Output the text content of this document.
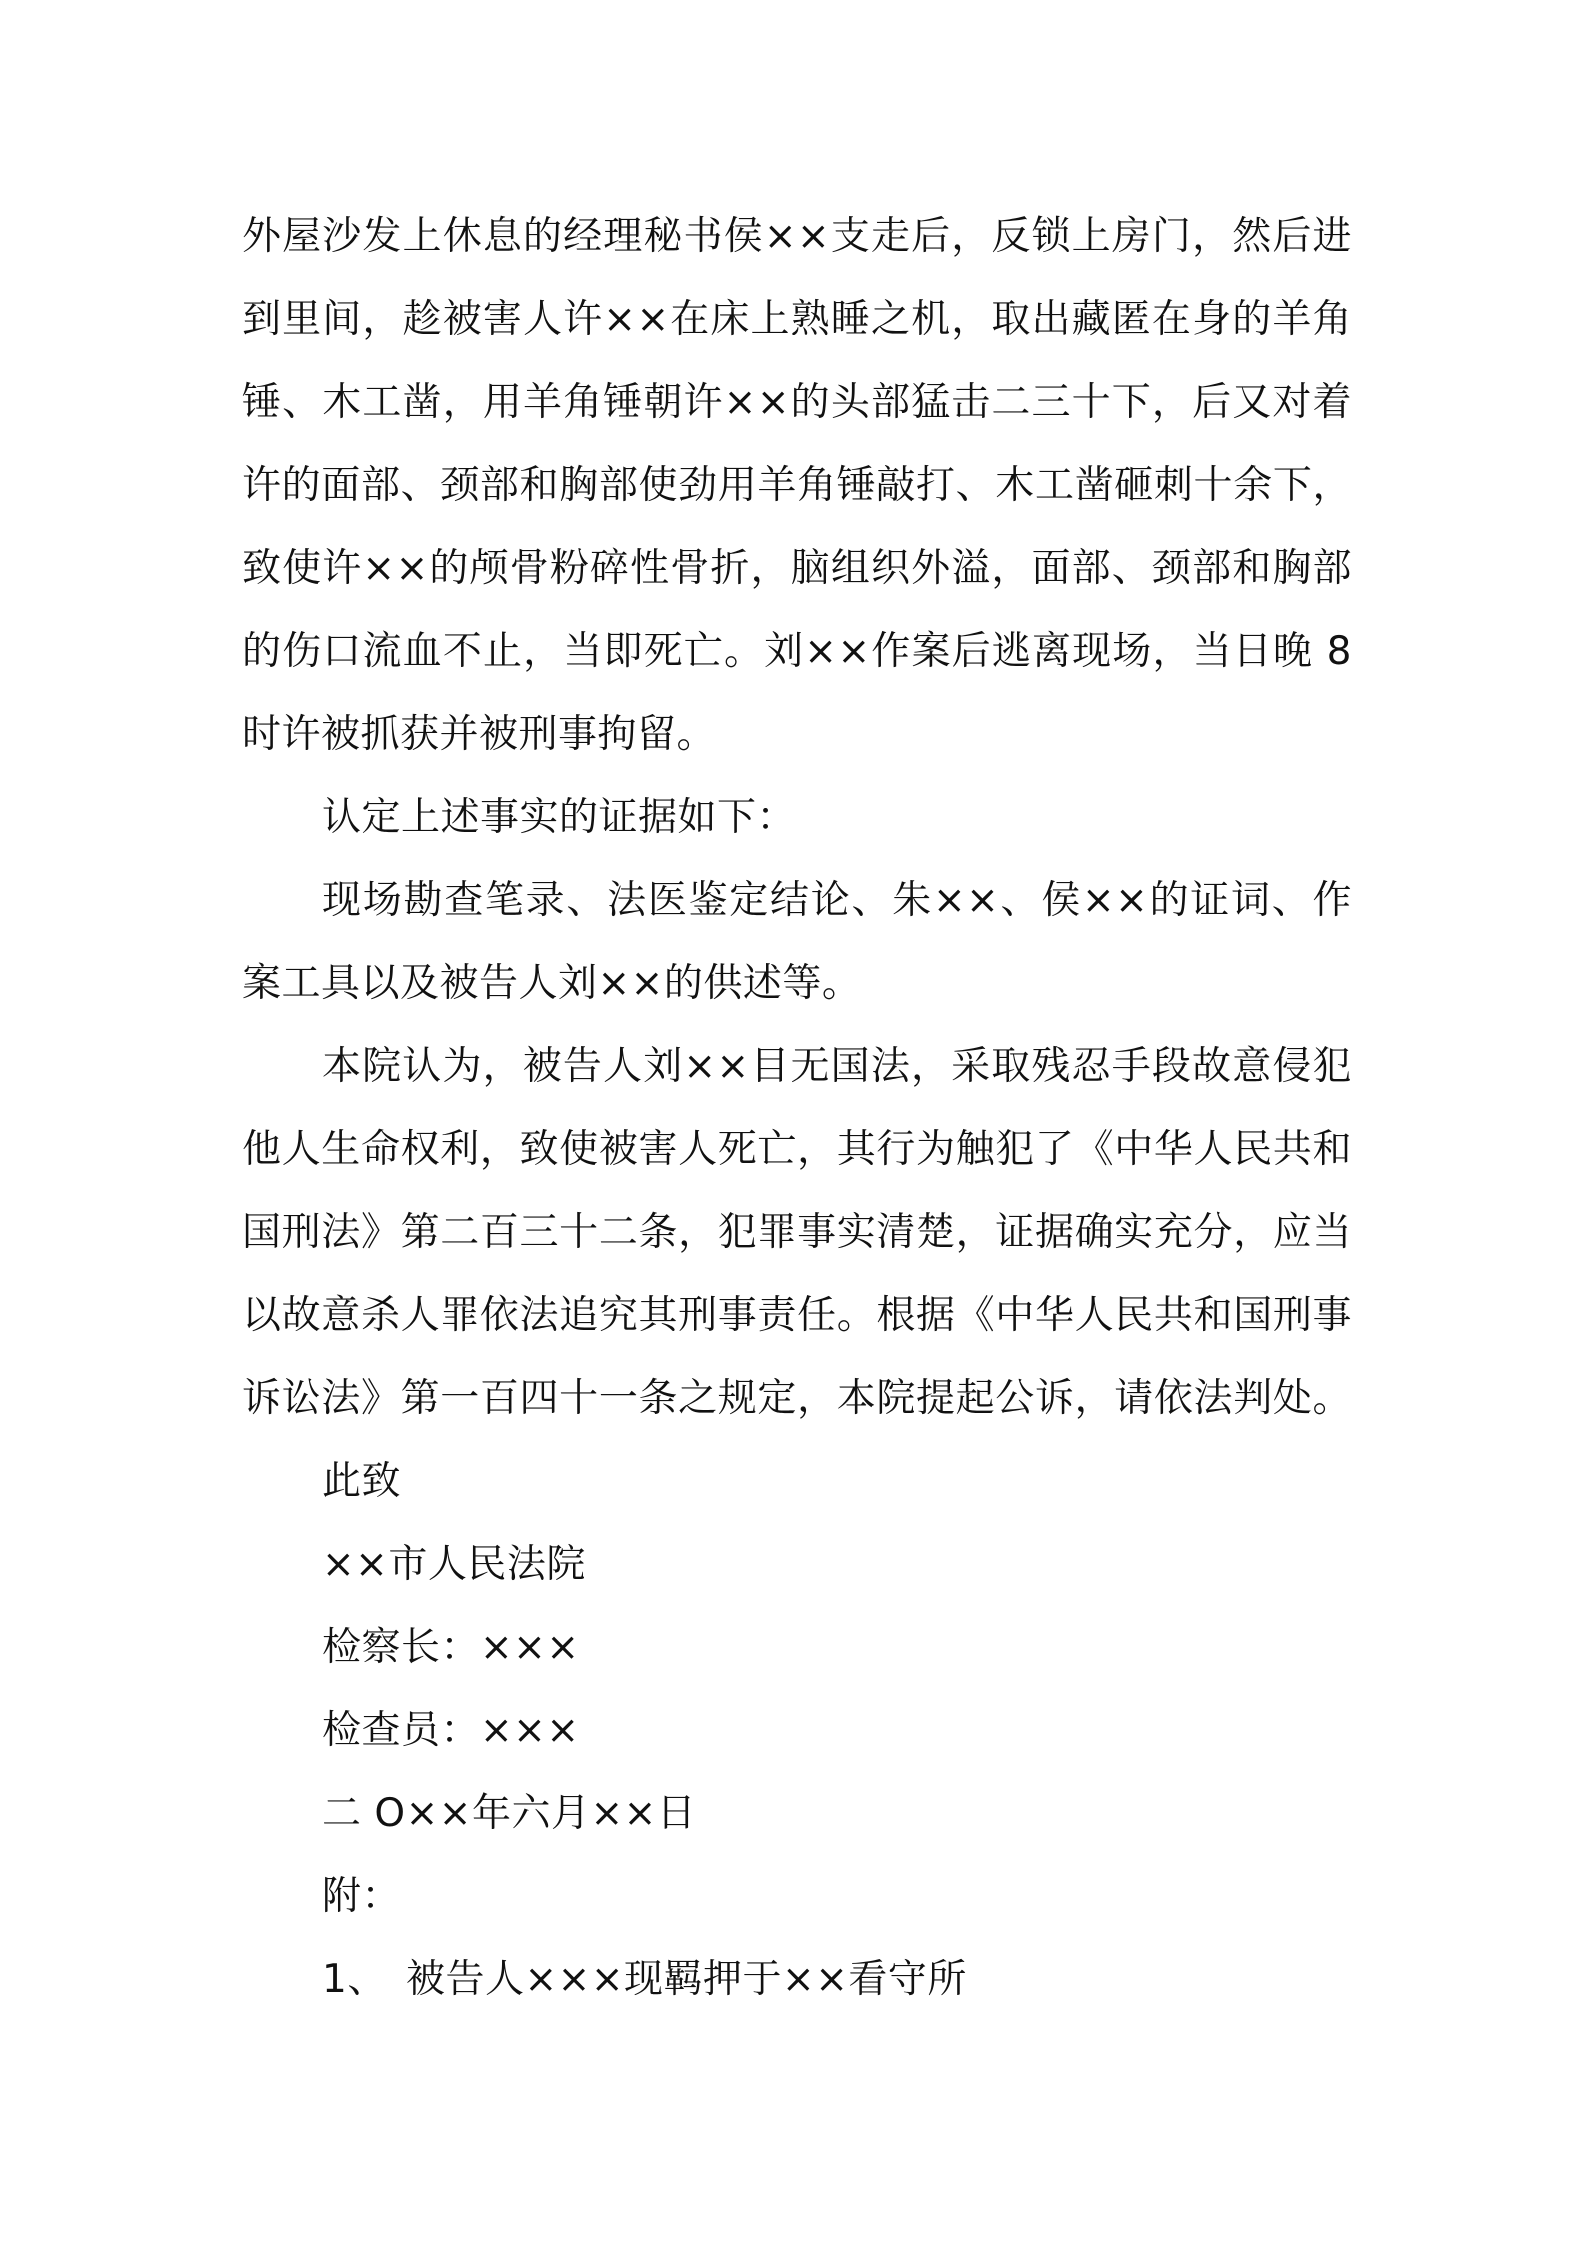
外屋沙发上休息的经理秘书侯××支走后，反锁上房门，然后进
到里间，趁被害人许××在床上熟睡之机，取出藏匿在身的羊角
锤、木工凿，用羊角锤朝许××的头部猛击二三十下，后又对着
许的面部、颈部和胸部使劲用羊角锤敲打、木工凿砸刺十余下，
致使许××的颅骨粉碎性骨折，脑组织外溢，面部、颈部和胸部
的伤口流血不止，当即死亡。刘××作案后逃离现场，当日晚 8
时许被抓获并被刑事拘留。
认定上述事实的证据如下：
现场勘查笔录、法医鉴定结论、朱××、侯××的证词、作
案工具以及被告人刘××的供述等。
本院认为，被告人刘××目无国法，采取残忍手段故意侵犯
他人生命权利，致使被害人死亡，其行为触犯了《中华人民共和
国刑法》第二百三十二条，犯罪事实清楚，证据确实充分，应当
以故意杀人罪依法追究其刑事责任。根据《中华人民共和国刑事
诉讼法》第一百四十一条之规定，本院提起公诉，请依法判处。
此致
××市人民法院
检察长：×××
检查员：×××
二 O××年六月××日
附：
1、 被告人×××现羁押于××看守所
